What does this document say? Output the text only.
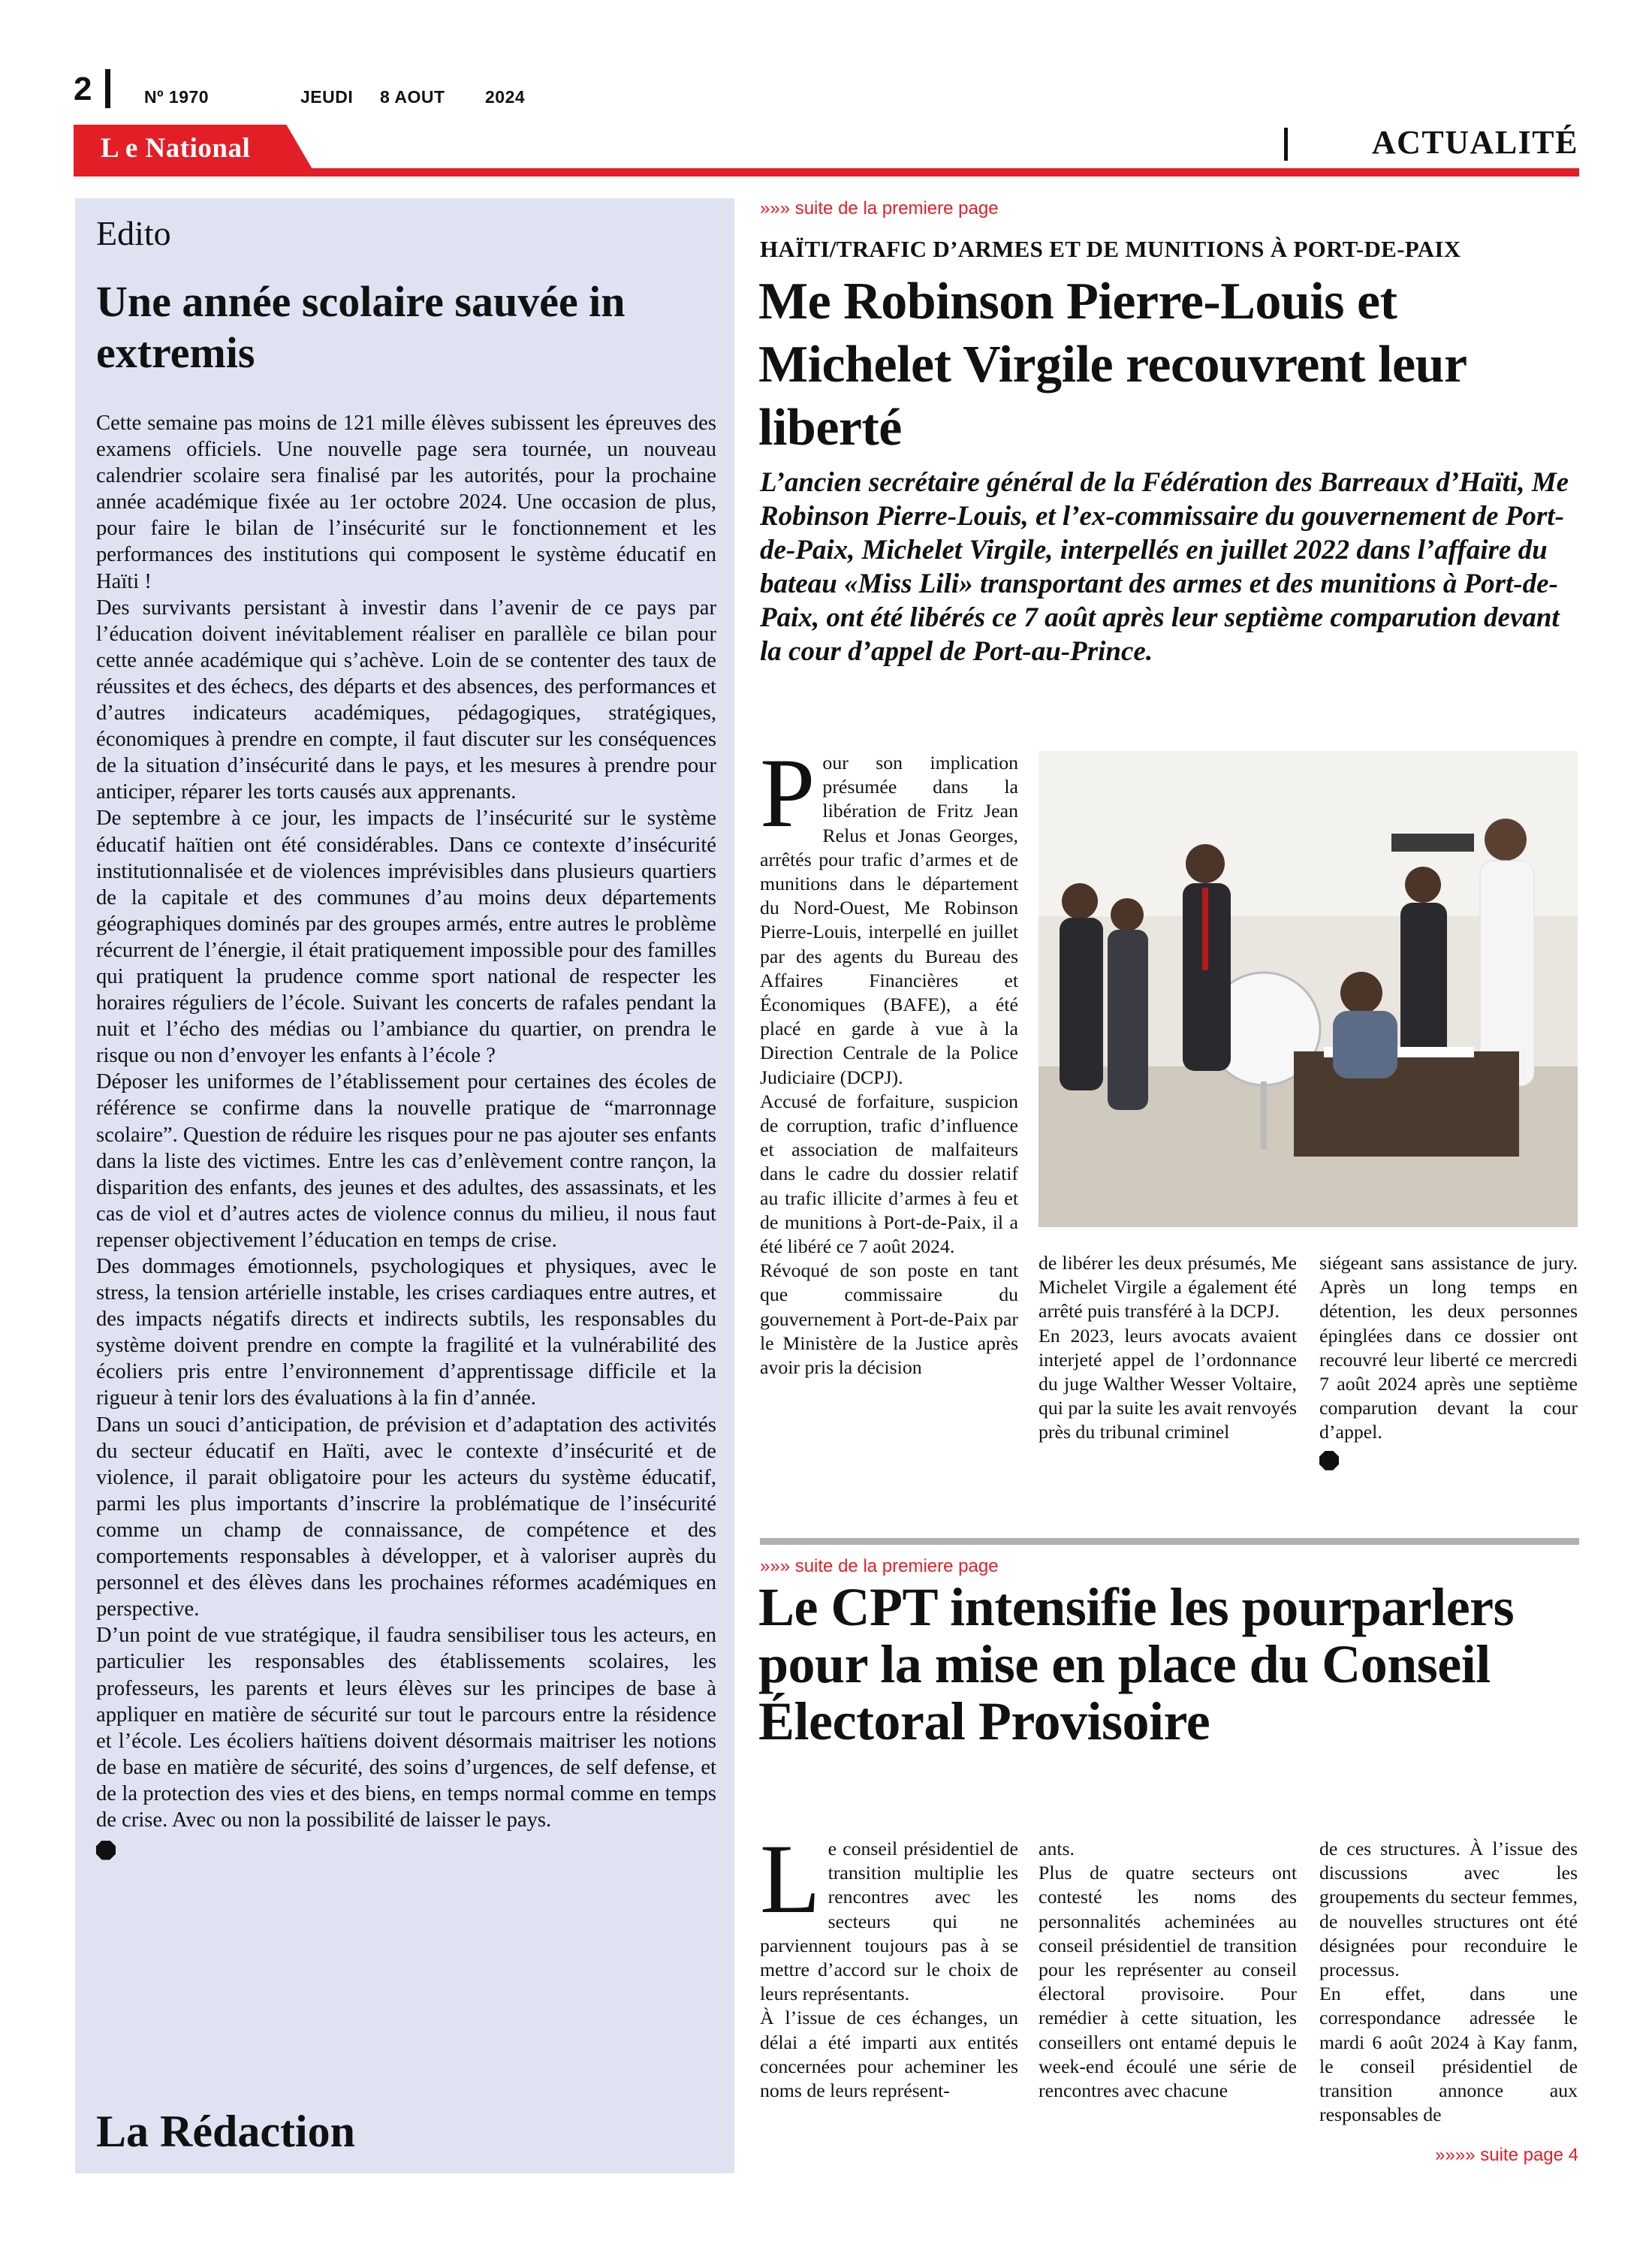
2	Nº 1970	JEUDI 8 AOUT 2024
L e National	ACTUALITÉ
Edito
Une année scolaire sauvée in extremis

Cette semaine pas moins de 121 mille élèves subissent les épreuves des examens officiels. Une nouvelle page sera tournée, un nouveau calendrier scolaire sera finalisé par les autorités, pour la prochaine année académique fixée au 1er octobre 2024. Une occasion de plus, pour faire le bilan de l’insécurité sur le fonctionnement et les performances des institutions qui composent le système éducatif en Haïti !

Des survivants persistant à investir dans l’avenir de ce pays par l’éducation doivent inévitablement réaliser en parallèle ce bilan pour cette année académique qui s’achève. Loin de se contenter des taux de réussites et des échecs, des départs et des absences, des performances et d’autres indicateurs académiques, pédagogiques, stratégiques, économiques à prendre en compte, il faut discuter sur les conséquences de la situation d’insécurité dans le pays, et les mesures à prendre pour anticiper, réparer les torts causés aux apprenants.

De septembre à ce jour, les impacts de l’insécurité sur le système éducatif haïtien ont été considérables. Dans ce contexte d’insécurité institutionnalisée et de violences imprévisibles dans plusieurs quartiers de la capitale et des communes d’au moins deux départements géographiques dominés par des groupes armés, entre autres le problème récurrent de l’énergie, il était pratiquement impossible pour des familles qui pratiquent la prudence comme sport national de respecter les horaires réguliers de l’école. Suivant les concerts de rafales pendant la nuit et l’écho des médias ou l’ambiance du quartier, on prendra le risque ou non d’envoyer les enfants à l’école ?

Déposer les uniformes de l’établissement pour certaines des écoles de référence se confirme dans la nouvelle pratique de “marronnage scolaire”. Question de réduire les risques pour ne pas ajouter ses enfants dans la liste des victimes. Entre les cas d’enlèvement contre rançon, la disparition des enfants, des jeunes et des adultes, des assassinats, et les cas de viol et d’autres actes de violence connus du milieu, il nous faut repenser objectivement l’éducation en temps de crise.

Des dommages émotionnels, psychologiques et physiques, avec le stress, la tension artérielle instable, les crises cardiaques entre autres, et des impacts négatifs directs et indirects subtils, les responsables du système doivent prendre en compte la fragilité et la vulnérabilité des écoliers pris entre l’environnement d’apprentissage difficile et la rigueur à tenir lors des évaluations à la fin d’année.

Dans un souci d’anticipation, de prévision et d’adaptation des activités du secteur éducatif en Haïti, avec le contexte d’insécurité et de violence, il parait obligatoire pour les acteurs du système éducatif, parmi les plus importants d’inscrire la problématique de l’insécurité comme un champ de connaissance, de compétence et des comportements responsables à développer, et à valoriser auprès du personnel et des élèves dans les prochaines réformes académiques en perspective.

D’un point de vue stratégique, il faudra sensibiliser tous les acteurs, en particulier les responsables des établissements scolaires, les professeurs, les parents et leurs élèves sur les principes de base à appliquer en matière de sécurité sur tout le parcours entre la résidence et l’école. Les écoliers haïtiens doivent désormais maitriser les notions de base en matière de sécurité, des soins d’urgences, de self defense, et de la protection des vies et des biens, en temps normal comme en temps de crise. Avec ou non la possibilité de laisser le pays.

La Rédaction
»»» suite de la premiere page
HAÏTI/TRAFIC D’ARMES ET DE MUNITIONS À PORT-DE-PAIX
Me Robinson Pierre-Louis et Michelet Virgile recouvrent leur liberté
L’ancien secrétaire général de la Fédération des Barreaux d’Haïti, Me Robinson Pierre-Louis, et l’ex-commissaire du gouvernement de Port-de-Paix, Michelet Virgile, interpellés en juillet 2022 dans l’affaire du bateau «Miss Lili» transportant des armes et des munitions à Port-de-Paix, ont été libérés ce 7 août après leur septième comparution devant la cour d’appel de Port-au-Prince.
P our son implication présumée dans la libération de Fritz Jean Relus et Jonas Georges, arrêtés pour trafic d’armes et de munitions dans le département du Nord-Ouest, Me Robinson Pierre-Louis, interpellé en juillet par des agents du Bureau des Affaires Financières et Économiques (BAFE), a été placé en garde à vue à la Direction Centrale de la Police Judiciaire (DCPJ).

Accusé de forfaiture, suspicion de corruption, trafic d’influence et association de malfaiteurs dans le cadre du dossier relatif au trafic illicite d’armes à feu et de munitions à Port-de-Paix, il a été libéré ce 7 août 2024.

Révoqué de son poste en tant que commissaire du gouvernement à Port-de-Paix par le Ministère de la Justice après avoir pris la décision

de libérer les deux présumés, Me Michelet Virgile a également été arrêté puis transféré à la DCPJ.

En 2023, leurs avocats avaient interjeté appel de l’ordonnance du juge Walther Wesser Voltaire, qui par la suite les avait renvoyés près du tribunal criminel

siégeant sans assistance de jury. Après un long temps en détention, les deux personnes épinglées dans ce dossier ont recouvré leur liberté ce mercredi 7 août 2024 après une septième comparution devant la cour d’appel.

»»» suite de la premiere page
Le CPT intensifie les pourparlers pour la mise en place du Conseil Électoral Provisoire
L e conseil présidentiel de transition multiplie les rencontres avec les secteurs qui ne parviennent toujours pas à se mettre d’accord sur le choix de leurs représentants.

À l’issue de ces échanges, un délai a été imparti aux entités concernées pour acheminer les noms de leurs représent-

ants.

Plus de quatre secteurs ont contesté les noms des personnalités acheminées au conseil présidentiel de transition pour les représenter au conseil électoral provisoire. Pour remédier à cette situation, les conseillers ont entamé depuis le week-end écoulé une série de rencontres avec chacune

de ces structures. À l’issue des discussions avec les groupements du secteur femmes, de nouvelles structures ont été désignées pour reconduire le processus.

En effet, dans une correspondance adressée le mardi 6 août 2024 à Kay fanm, le conseil présidentiel de transition annonce aux responsables de

»»»» suite page 4
